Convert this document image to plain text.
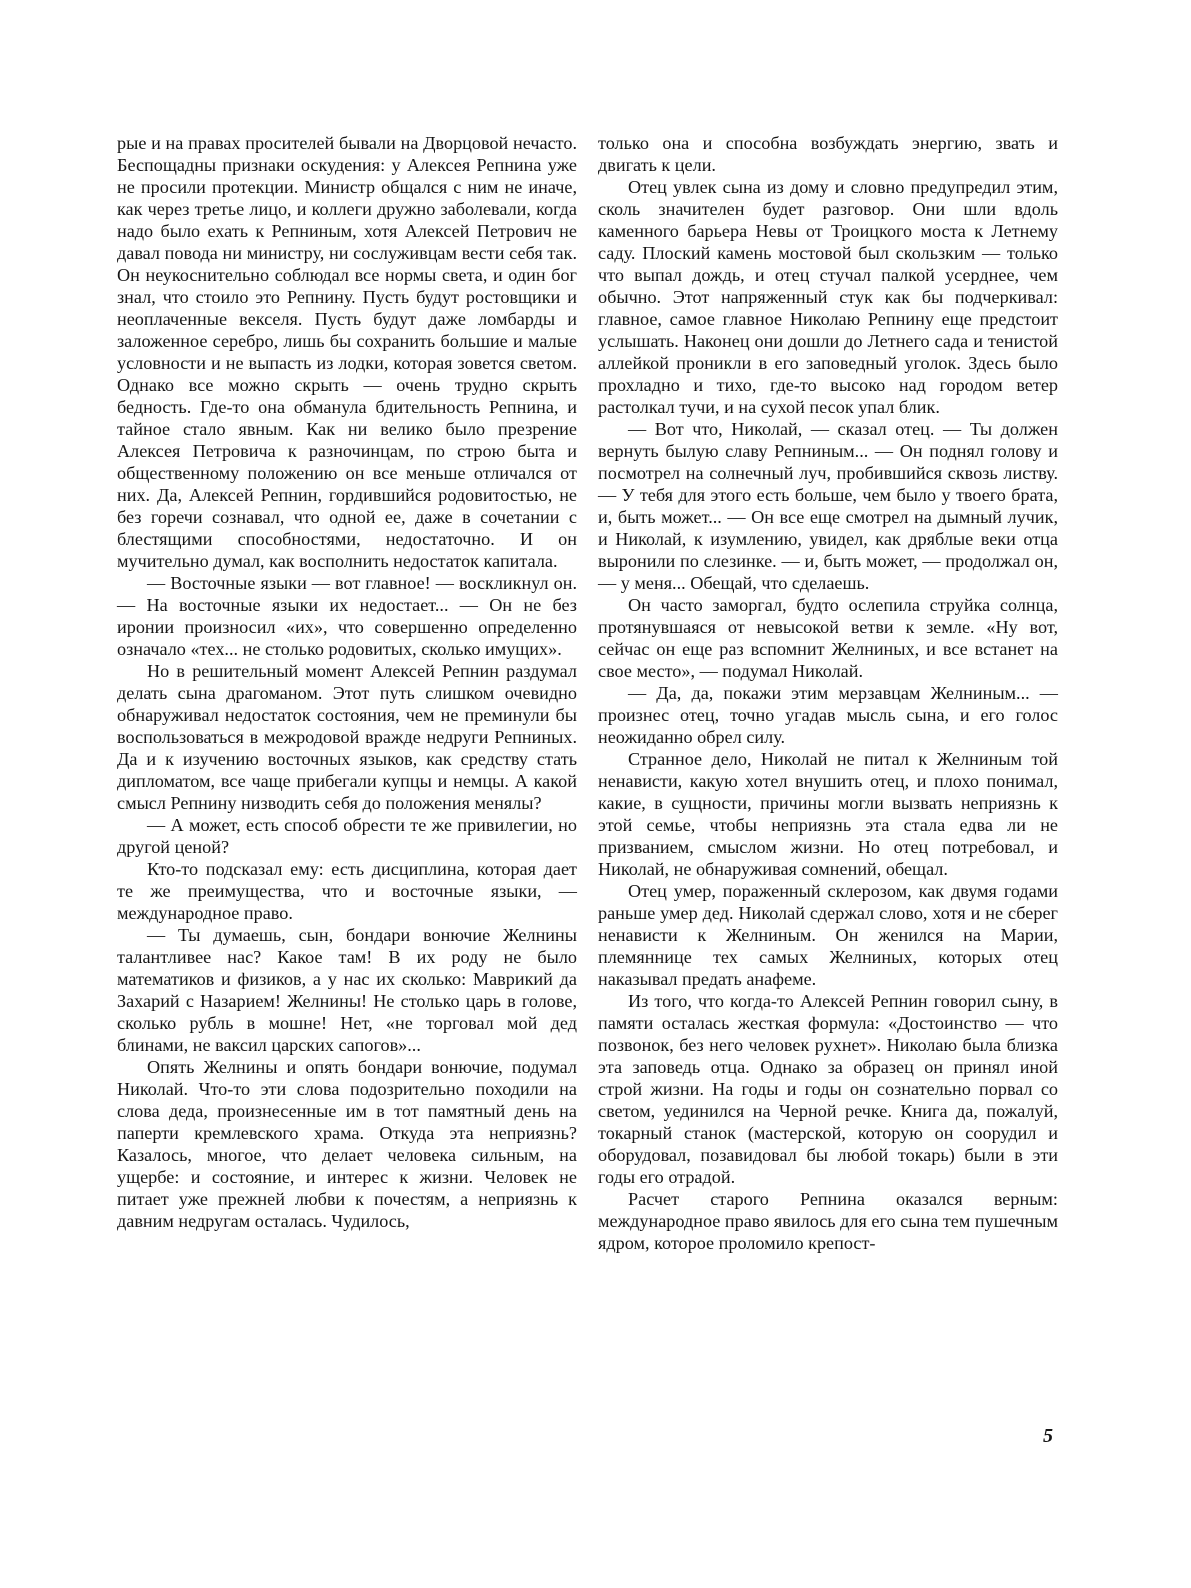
рые и на правах просителей бывали на Дворцовой нечасто. Беспощадны признаки оскудения: у Алексея Репнина уже не просили протекции. Министр общался с ним не иначе, как через третье лицо, и коллеги дружно заболевали, когда надо было ехать к Репниным, хотя Алексей Петрович не давал повода ни министру, ни сослуживцам вести себя так. Он неукоснительно соблюдал все нормы света, и один бог знал, что стоило это Репнину. Пусть будут ростовщики и неоплаченные векселя. Пусть будут даже ломбарды и заложенное серебро, лишь бы сохранить большие и малые условности и не выпасть из лодки, которая зовется светом. Однако все можно скрыть — очень трудно скрыть бедность. Где-то она обманула бдительность Репнина, и тайное стало явным. Как ни велико было презрение Алексея Петровича к разночинцам, по строю быта и общественному положению он все меньше отличался от них. Да, Алексей Репнин, гордившийся родовитостью, не без горечи сознавал, что одной ее, даже в сочетании с блестящими способностями, недостаточно. И он мучительно думал, как восполнить недостаток капитала.

— Восточные языки — вот главное! — воскликнул он. — На восточные языки их недостает... — Он не без иронии произносил «их», что совершенно определенно означало «тех... не столько родовитых, сколько имущих».

Но в решительный момент Алексей Репнин раздумал делать сына драгоманом. Этот путь слишком очевидно обнаруживал недостаток состояния, чем не преминули бы воспользоваться в межродовой вражде недруги Репниных. Да и к изучению восточных языков, как средству стать дипломатом, все чаще прибегали купцы и немцы. А какой смысл Репнину низводить себя до положения менялы?

— А может, есть способ обрести те же привилегии, но другой ценой?

Кто-то подсказал ему: есть дисциплина, которая дает те же преимущества, что и восточные языки, — международное право.

— Ты думаешь, сын, бондари вонючие Желнины талантливее нас? Какое там! В их роду не было математиков и физиков, а у нас их сколько: Маврикий да Захарий с Назарием! Желнины! Не столько царь в голове, сколько рубль в мошне! Нет, «не торговал мой дед блинами, не ваксил царских сапогов»...

Опять Желнины и опять бондари вонючие, подумал Николай. Что-то эти слова подозрительно походили на слова деда, произнесенные им в тот памятный день на паперти кремлевского храма. Откуда эта неприязнь? Казалось, многое, что делает человека сильным, на ущербе: и состояние, и интерес к жизни. Человек не питает уже прежней любви к почестям, а неприязнь к давним недругам осталась. Чудилось,

только она и способна возбуждать энергию, звать и двигать к цели.

Отец увлек сына из дому и словно предупредил этим, сколь значителен будет разговор. Они шли вдоль каменного барьера Невы от Троицкого моста к Летнему саду. Плоский камень мостовой был скользким — только что выпал дождь, и отец стучал палкой усерднее, чем обычно. Этот напряженный стук как бы подчеркивал: главное, самое главное Николаю Репнину еще предстоит услышать. Наконец они дошли до Летнего сада и тенистой аллейкой проникли в его заповедный уголок. Здесь было прохладно и тихо, где-то высоко над городом ветер растолкал тучи, и на сухой песок упал блик.

— Вот что, Николай, — сказал отец. — Ты должен вернуть былую славу Репниным... — Он поднял голову и посмотрел на солнечный луч, пробившийся сквозь листву. — У тебя для этого есть больше, чем было у твоего брата, и, быть может... — Он все еще смотрел на дымный лучик, и Николай, к изумлению, увидел, как дряблые веки отца выронили по слезинке. — и, быть может, — продолжал он, — у меня... Обещай, что сделаешь.

Он часто заморгал, будто ослепила струйка солнца, протянувшаяся от невысокой ветви к земле. «Ну вот, сейчас он еще раз вспомнит Желниных, и все встанет на свое место», — подумал Николай.

— Да, да, покажи этим мерзавцам Желниным... — произнес отец, точно угадав мысль сына, и его голос неожиданно обрел силу.

Странное дело, Николай не питал к Желниным той ненависти, какую хотел внушить отец, и плохо понимал, какие, в сущности, причины могли вызвать неприязнь к этой семье, чтобы неприязнь эта стала едва ли не призванием, смыслом жизни. Но отец потребовал, и Николай, не обнаруживая сомнений, обещал.

Отец умер, пораженный склерозом, как двумя годами раньше умер дед. Николай сдержал слово, хотя и не сберег ненависти к Желниным. Он женился на Марии, племяннице тех самых Желниных, которых отец наказывал предать анафеме.

Из того, что когда-то Алексей Репнин говорил сыну, в памяти осталась жесткая формула: «Достоинство — что позвонок, без него человек рухнет». Николаю была близка эта заповедь отца. Однако за образец он принял иной строй жизни. На годы и годы он сознательно порвал со светом, уединился на Черной речке. Книга да, пожалуй, токарный станок (мастерской, которую он соорудил и оборудовал, позавидовал бы любой токарь) были в эти годы его отрадой.

Расчет старого Репнина оказался верным: международное право явилось для его сына тем пушечным ядром, которое проломило крепост-

5
